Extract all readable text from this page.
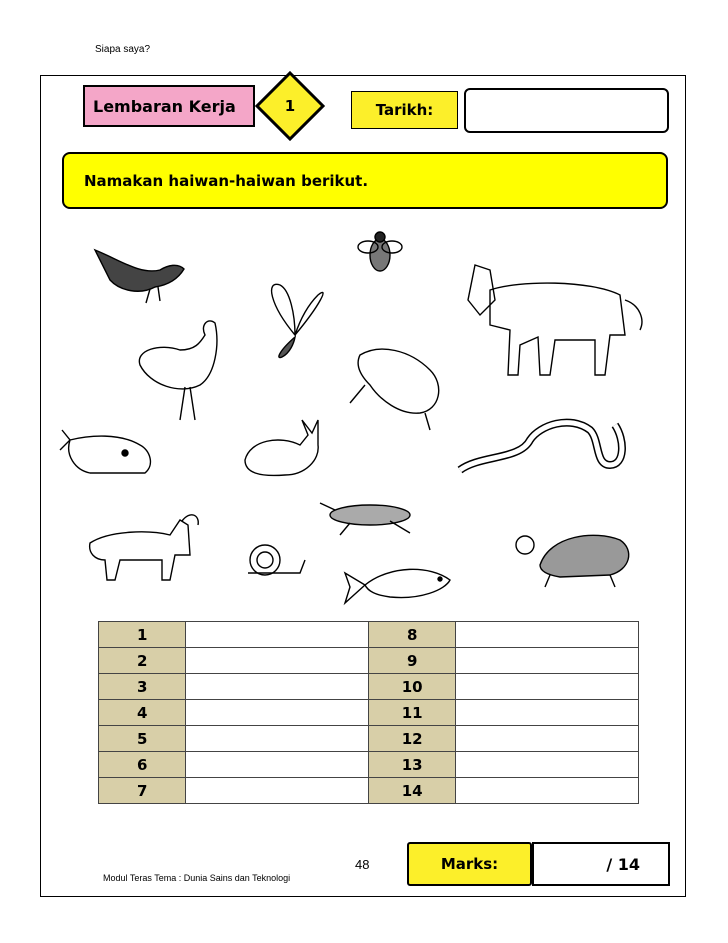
Siapa saya?
Lembaran Kerja	1	Tarikh:
Namakan haiwan-haiwan berikut.
1		8	
2		9	
3		10	
4		11	
5		12	
6		13	
7		14	
48	Marks:	/ 14
Modul Teras Tema : Dunia Sains dan Teknologi
